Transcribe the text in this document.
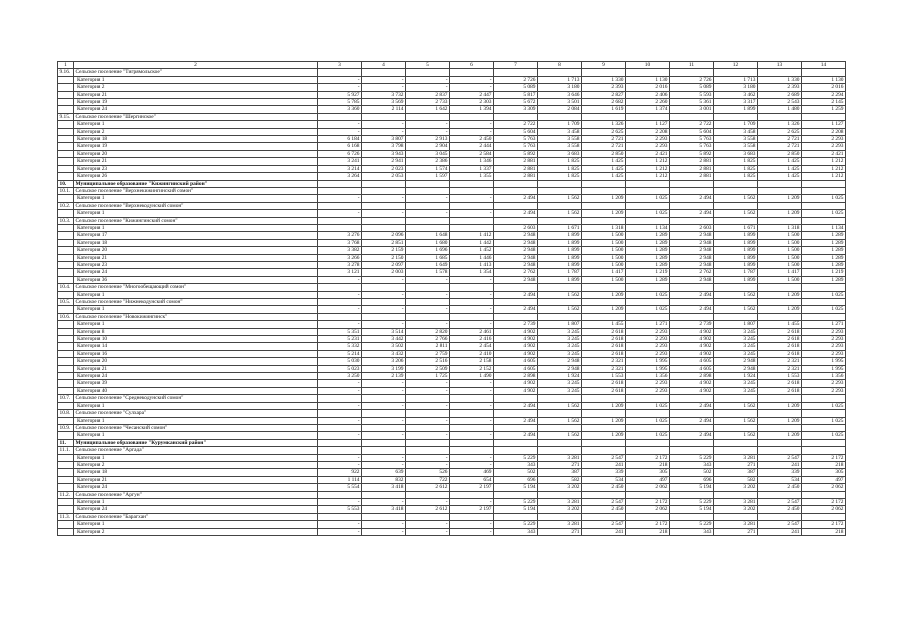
1	2	3	4	5	6	7	8	9	10	11	12	13	14
9.16.	Сельское поселение "Тигрямольское"												
	Категория 1	-	-	-	-	2 726	1 713	1 330	1 130	2 726	1 713	1 330	1 130
	Категория 2	-	-	-	-	5 089	3 180	2 393	2 016	5 089	3 180	2 393	2 016
	Категория 21	5 927	3 732	2 837	2 447	5 817	3 646	2 827	2 406	5 593	3 462	2 689	2 294
	Категория 19	5 785	3 569	2 733	2 303	5 672	3 501	2 682	2 260	5 361	3 317	2 543	2 145
	Категория 24	3 360	2 114	1 642	1 394	3 309	2 084	1 619	1 374	3 001	1 899	1 480	1 259
9.15.	Сельское поселение "Шергинское"												
	Категория 1	-	-	-	-	2 722	1 709	1 326	1 127	2 722	1 709	1 326	1 127
	Категория 2	-	-	-	-	5 604	3 458	2 625	2 208	5 604	3 458	2 625	2 208
	Категория 18	6 184	3 807	2 913	2 450	5 763	3 558	2 721	2 293	5 763	3 558	2 721	2 293
	Категория 19	6 168	3 798	2 904	2 444	5 763	3 558	2 721	2 293	5 763	3 558	2 721	2 293
	Категория 20	6 726	3 943	3 045	2 584	5 892	3 683	2 850	2 421	5 892	3 683	2 850	2 421
	Категория 21	3 241	2 941	2 386	1 346	2 881	1 825	1 425	1 212	2 881	1 825	1 425	1 212
	Категория 23	3 214	2 023	1 574	1 337	2 881	1 825	1 425	1 212	2 881	1 825	1 425	1 212
	Категория 26	3 264	2 053	1 597	1 355	2 881	1 825	1 425	1 212	2 881	1 825	1 425	1 212
10.	Муниципальное образование "Кижингинский район"												
10.1.	Сельское поселение "Верхнекижингинский сомон"												
	Категория 1	-	-	-	-	2 494	1 562	1 209	1 025	2 494	1 562	1 209	1 025
10.2.	Сельское поселение "Верхнекодунский сомон"												
	Категория 1	-	-	-	-	2 494	1 562	1 209	1 025	2 494	1 562	1 209	1 025
10.3.	Сельское поселение "Кижингинский сомон"												
	Категория 1					2 603	1 671	1 318	1 134	2 603	1 671	1 318	1 134
	Категория 17	3 276	2 096	1 648	1 412	2 948	1 899	1 500	1 289	2 948	1 899	1 500	1 289
	Категория 18	3 768	2 851	1 680	1 442	2 948	1 899	1 500	1 289	2 948	1 899	1 500	1 289
	Категория 20	3 382	2 159	1 696	1 452	2 948	1 899	1 500	1 289	2 948	1 899	1 500	1 289
	Категория 21	3 266	2 150	1 685	1 446	2 948	1 899	1 500	1 289	2 948	1 899	1 500	1 289
	Категория 23	3 278	2 097	1 649	1 413	2 948	1 899	1 500	1 289	2 948	1 899	1 500	1 289
	Категория 24	3 121	2 003	1 578	1 354	2 762	1 787	1 417	1 219	2 762	1 787	1 417	1 219
	Категория 36	-	-	-	-	2 948	1 899	1 500	1 289	2 948	1 899	1 500	1 289
10.4.	Сельское поселение "Многообещающий сомон"												
	Категория 1	-	-	-	-	2 494	1 562	1 209	1 025	2 494	1 562	1 209	1 025
10.5.	Сельское поселение "Нижнекодунский сомон"												
	Категория 1	-	-	-	-	2 494	1 562	1 209	1 025	2 494	1 562	1 209	1 025
10.6.	Сельское поселение "Новокижингинск"												
	Категория 1	-	-	-	-	2 739	1 807	1 455	1 271	2 739	1 807	1 455	1 271
	Категория 8	5 351	3 514	2 820	2 461	4 902	3 245	2 618	2 293	4 902	3 245	2 618	2 293
	Категория 10	5 231	3 442	2 766	2 416	4 902	3 245	2 618	2 293	4 902	3 245	2 618	2 293
	Категория 14	5 332	3 502	2 811	2 454	4 902	3 245	2 618	2 293	4 902	3 245	2 618	2 293
	Категория 16	5 214	3 432	2 759	2 410	4 902	3 245	2 618	2 293	4 902	3 245	2 618	2 293
	Категория 20	5 030	3 206	2 516	2 158	4 605	2 948	2 321	1 995	4 605	2 948	2 321	1 995
	Категория 21	5 023	3 199	2 509	2 152	4 605	2 948	2 321	1 995	4 605	2 948	2 321	1 995
	Категория 24	3 250	2 139	1 725	1 490	2 898	1 924	1 553	1 356	2 898	1 924	1 553	1 356
	Категория 39	-	-	-	-	4 902	3 245	2 618	2 293	4 902	3 245	2 618	2 293
	Категория 40	-	-	-	-	4 902	3 245	2 618	2 293	4 902	3 245	2 618	2 293
10.7.	Сельское поселение "Среднекодунский сомон"												
	Категория 1	-	-	-	-	2 494	1 562	1 209	1 025	2 494	1 562	1 209	1 025
10.8.	Сельское поселение "Сулхара"												
	Категория 1	-	-	-	-	2 494	1 562	1 209	1 025	2 494	1 562	1 209	1 025
10.9.	Сельское поселение "Чесанский сомон"												
	Категория 1	-	-	-	-	2 494	1 562	1 209	1 025	2 494	1 562	1 209	1 025
11.	Муниципальное образование "Курумканский район"												
11.1.	Сельское поселение "Аргада"												
	Категория 1	-	-	-	-	5 229	3 281	2 547	2 172	5 229	3 281	2 547	2 172
	Категория 2	-	-	-	-	343	271	241	218	343	271	241	218
	Категория 18	922	639	526	469	502	387	339	305	502	387	339	305
	Категория 21	1 114	832	722	654	696	582	534	497	696	582	534	497
	Категория 24	5 554	3 418	2 612	2 197	5 194	3 202	2 450	2 062	5 194	3 202	2 450	2 062
11.2.	Сельское поселение "Аргун"												
	Категория 1	-	-	-	-	5 229	3 281	2 547	2 172	5 229	3 281	2 547	2 172
	Категория 24	5 553	3 418	2 612	2 197	5 194	3 202	2 450	2 062	5 194	3 202	2 450	2 062
11.3.	Сельское поселение "Барагхан"												
	Категория 1	-	-	-	-	5 229	3 281	2 547	2 172	5 229	3 281	2 547	2 172
	Категория 2	-	-	-	-	343	271	241	218	343	271	241	218
